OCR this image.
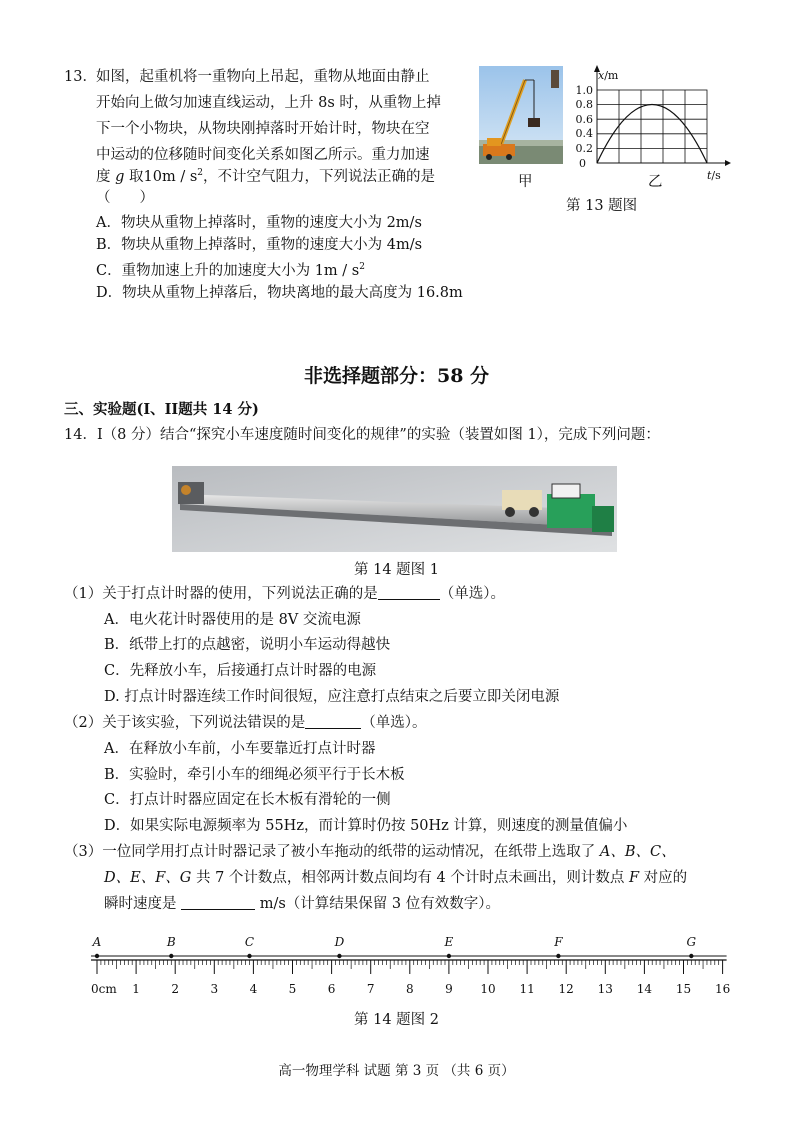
13． 如图，起重机将一重物向上吊起，重物从地面由静止
开始向上做匀加速直线运动，上升 8s 时，从重物上掉
下一个小物块，从物块刚掉落时开始计时，物块在空
中运动的位移随时间变化关系如图乙所示。重力加速
度 g 取$10m / s^2$，不计空气阻力，下列说法正确的是
（　　）
A．物块从重物上掉落时，重物的速度大小为 2m/s
B．物块从重物上掉落时，重物的速度大小为 4m/s
C．重物加速上升的加速度大小为 $1m / s^2$
D．物块从重物上掉落后，物块离地的最大高度为 16.8m
1.0
0.8
0.6
0.4
0.2
0
x/m
t/s
甲	乙
第 13 题图
非选择题部分：58 分
三、实验题(I、II题共 14 分)
14．I（8 分）结合“探究小车速度随时间变化的规律”的实验（装置如图 1），完成下列问题：
第 14 题图 1
（1）关于打点计时器的使用，下列说法正确的是	（单选）。
A．电火花计时器使用的是 8V 交流电源
B．纸带上打的点越密，说明小车运动得越快
C．先释放小车，后接通打点计时器的电源
D. 打点计时器连续工作时间很短，应注意打点结束之后要立即关闭电源
（2）关于该实验，下列说法错误的是	（单选）。
A．在释放小车前，小车要靠近打点计时器
B．实验时，牵引小车的细绳必须平行于长木板
C．打点计时器应固定在长木板有滑轮的一侧
D．如果实际电源频率为 55Hz，而计算时仍按 50Hz 计算，则速度的测量值偏小
（3）一位同学用打点计时器记录了被小车拖动的纸带的运动情况，在纸带上选取了 A、B、C、
D、E、F、G 共 7 个计数点，相邻两计数点间均有 4 个计时点未画出，则计数点 F 对应的
瞬时速度是	m/s（计算结果保留 3 位有效数字）。
A	B	C	D	E	F	G
0cm 1	2	3	4	5	6	7	8	9 10 11 12 13 14 15 16
第 14 题图 2
高一物理学科 试题 第 3 页 （共 6 页）
